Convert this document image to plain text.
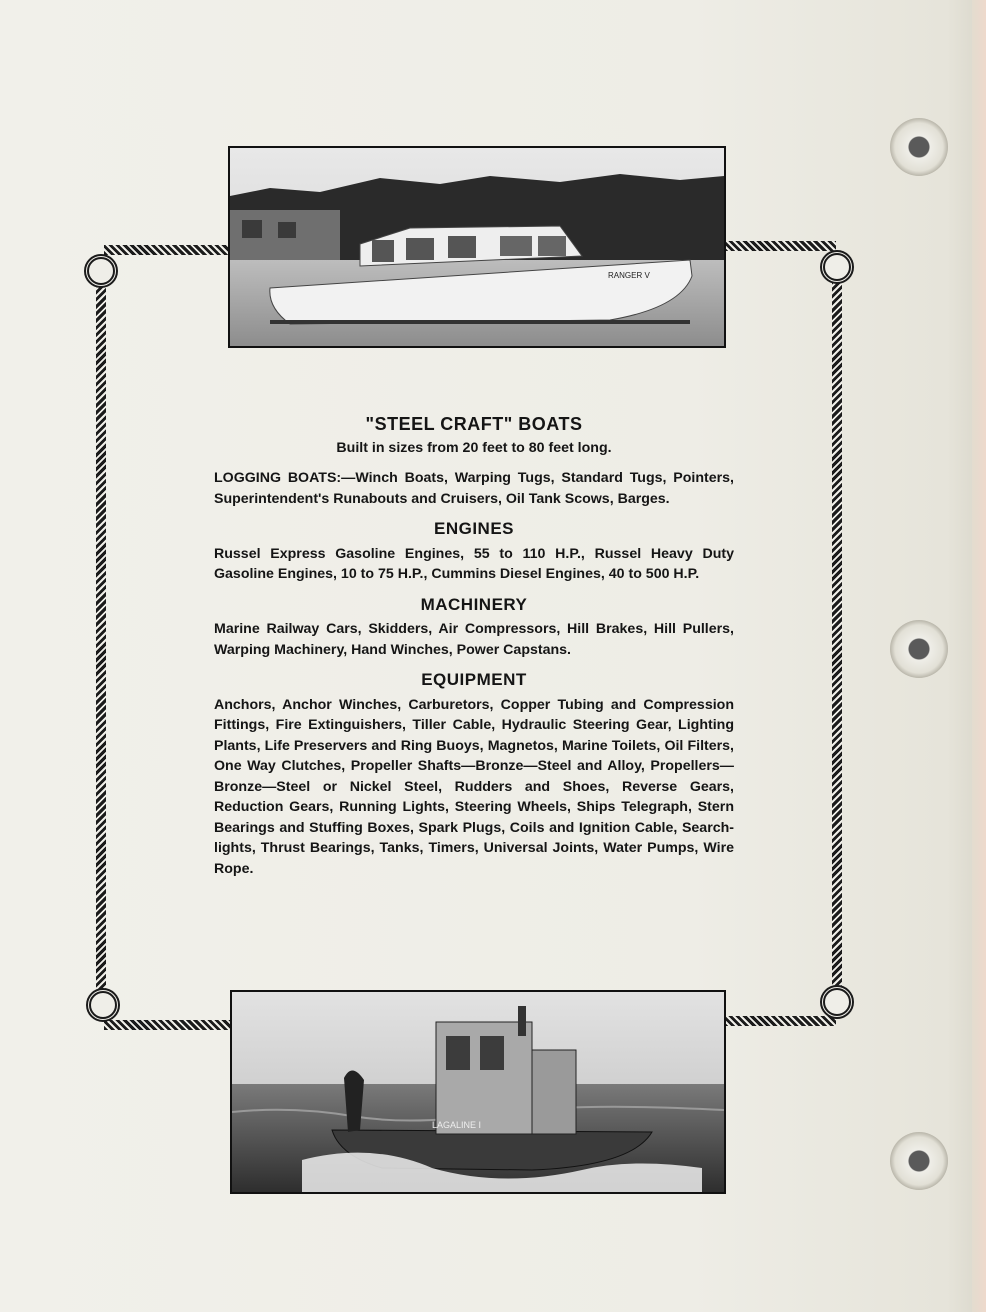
RANGER V
"STEEL CRAFT" BOATS

Built in sizes from 20 feet to 80 feet long.

LOGGING BOATS:—Winch Boats, Warping Tugs, Standard Tugs, Pointers, Superintendent's Runabouts and Cruisers, Oil Tank Scows, Barges.

ENGINES

Russel Express Gasoline Engines, 55 to 110 H.P., Russel Heavy Duty Gasoline Engines, 10 to 75 H.P., Cummins Diesel Engines, 40 to 500 H.P.

MACHINERY

Marine Railway Cars, Skidders, Air Compressors, Hill Brakes, Hill Pullers, Warping Machinery, Hand Winches, Power Capstans.

EQUIPMENT

Anchors, Anchor Winches, Carburetors, Copper Tubing and Compression Fittings, Fire Extinguishers, Tiller Cable, Hydraulic Steering Gear, Lighting Plants, Life Preservers and Ring Buoys, Magnetos, Marine Toilets, Oil Filters, One Way Clutches, Propeller Shafts—Bronze—Steel and Alloy, Propellers—Bronze—Steel or Nickel Steel, Rudders and Shoes, Reverse Gears, Reduction Gears, Running Lights, Steering Wheels, Ships Telegraph, Stern Bearings and Stuffing Boxes, Spark Plugs, Coils and Ignition Cable, Search-lights, Thrust Bearings, Tanks, Timers, Universal Joints, Water Pumps, Wire Rope.

LAGALINE I
